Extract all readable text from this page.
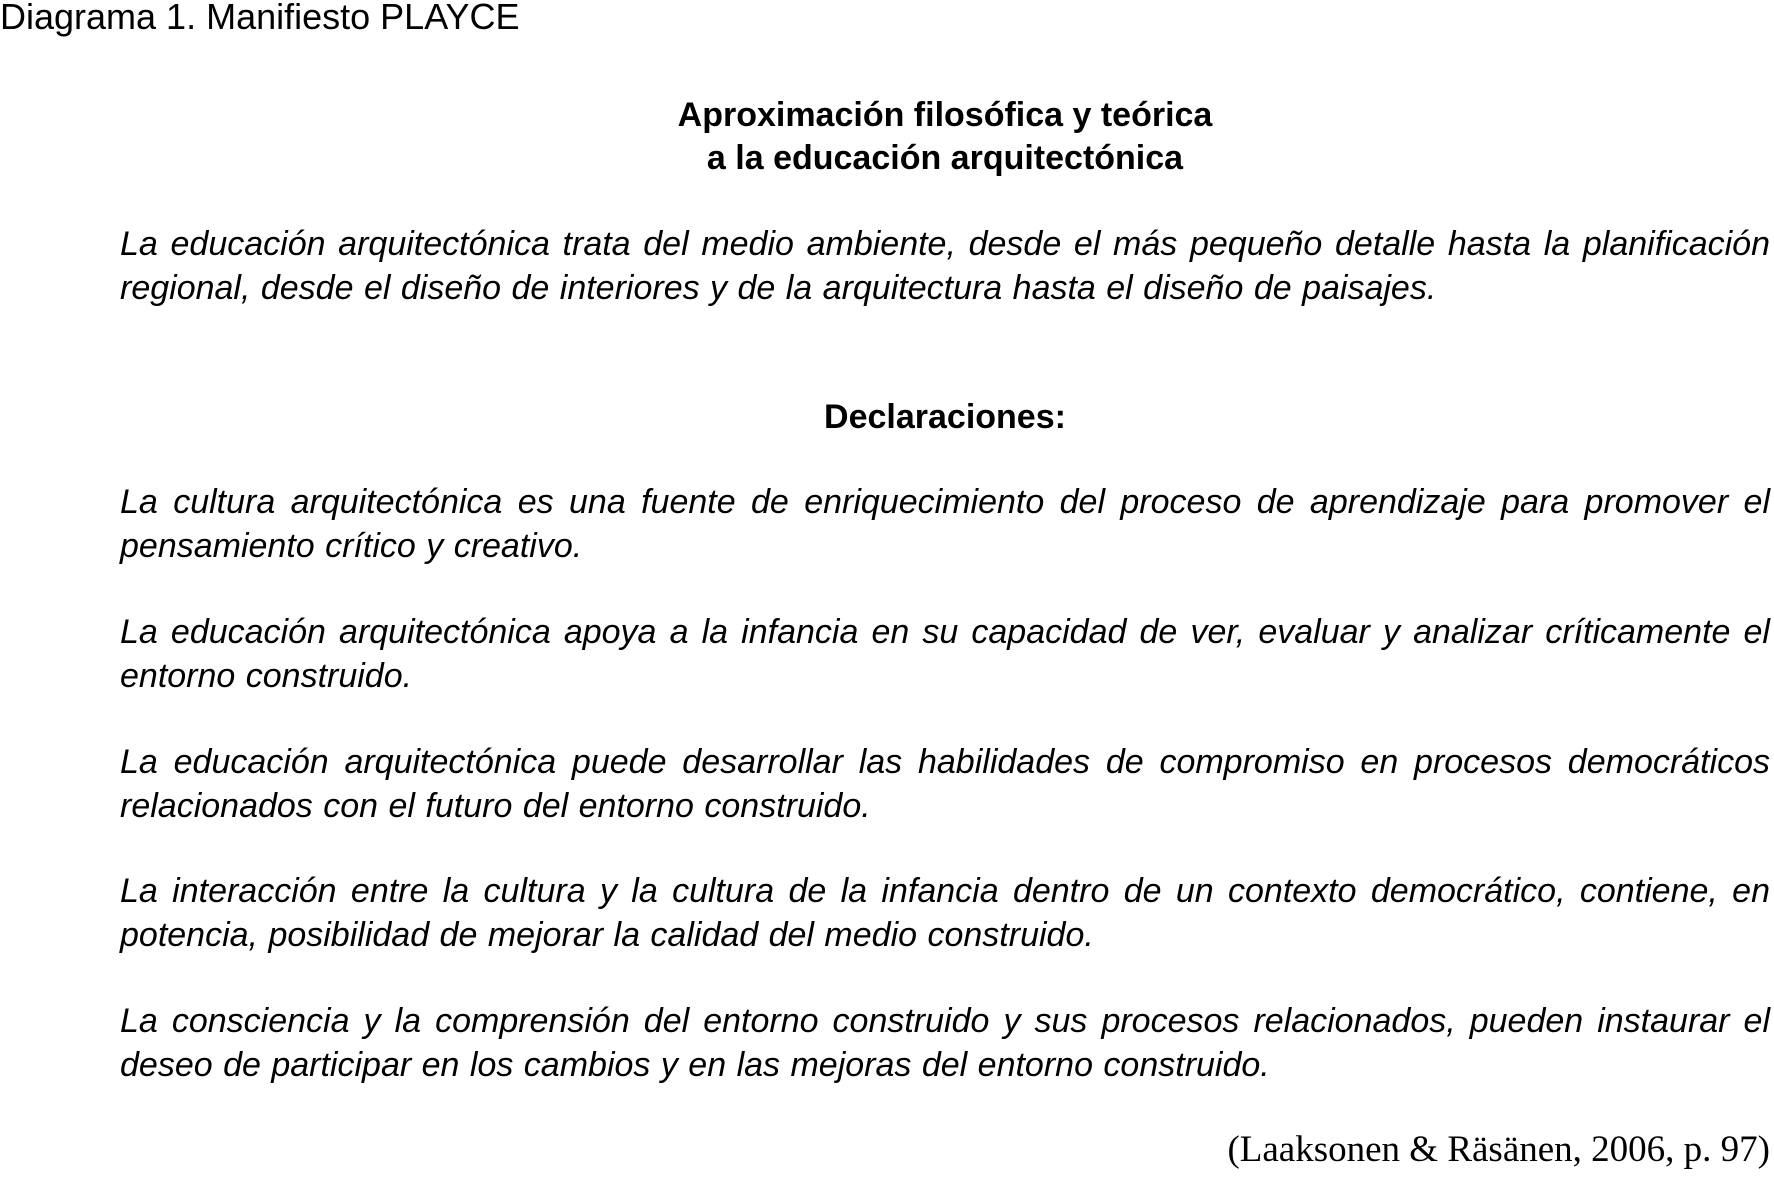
Diagrama 1. Manifiesto PLAYCE
Aproximación filosófica y teórica
a la educación arquitectónica

La educación arquitectónica trata del medio ambiente, desde el más pequeño detalle hasta la planificación regional, desde el diseño de interiores y de la arquitectura hasta el diseño de paisajes.

Declaraciones:

La cultura arquitectónica es una fuente de enriquecimiento del proceso de aprendizaje para promover el pensamiento crítico y creativo.

La educación arquitectónica apoya a la infancia en su capacidad de ver, evaluar y analizar críticamente el entorno construido.

La educación arquitectónica puede desarrollar las habilidades de compromiso en procesos democráticos relacionados con el futuro del entorno construido.

La interacción entre la cultura y la cultura de la infancia dentro de un contexto democrático, contiene, en potencia, posibilidad de mejorar la calidad del medio construido.

La consciencia y la comprensión del entorno construido y sus procesos relacionados, pueden instaurar el deseo de participar en los cambios y en las mejoras del entorno construido.

(Laaksonen & Räsänen, 2006, p. 97)
